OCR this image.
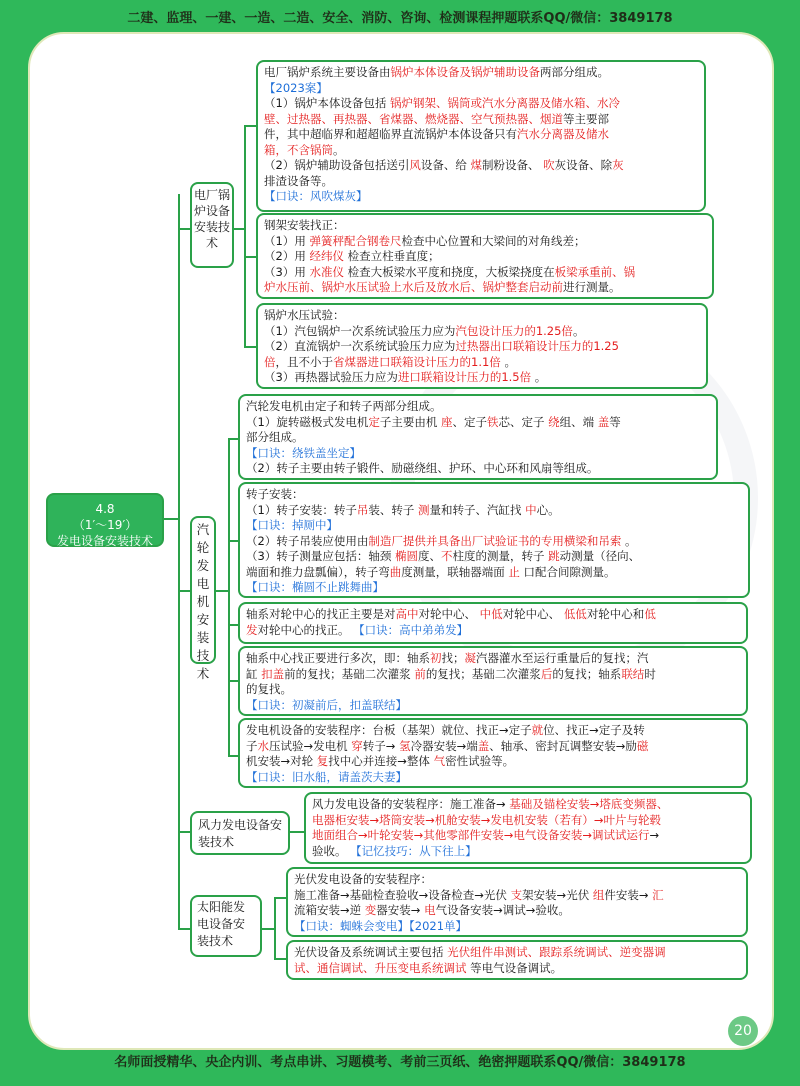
二建、监理、一建、一造、二造、安全、消防、咨询、检测课程押题联系QQ/微信：3849178
4.8
（1′～19′）
发电设备安装技术
电厂锅炉设备安装技术
汽轮发电机安装技术
风力发电设备安装技术
太阳能发电设备安装技术
电厂锅炉系统主要设备由锅炉本体设备及锅炉辅助设备两部分组成。
【2023案】
（1）锅炉本体设备包括 锅炉钢架、锅筒或汽水分离器及储水箱、水冷
壁、过热器、再热器、省煤器、燃烧器、空气预热器、烟道等主要部
件，其中超临界和超超临界直流锅炉本体设备只有汽水分离器及储水
箱，不含锅筒。
（2）锅炉辅助设备包括送引风设备、给 煤制粉设备、 吹灰设备、除灰
排渣设备等。
【口诀：风吹煤灰】
钢架安装找正：
（1）用 弹簧秤配合钢卷尺检查中心位置和大梁间的对角线差；
（2）用 经纬仪 检查立柱垂直度；
（3）用 水准仪 检查大板梁水平度和挠度，大板梁挠度在板梁承重前、锅
炉水压前、锅炉水压试验上水后及放水后、锅炉整套启动前进行测量。
锅炉水压试验：
（1）汽包锅炉一次系统试验压力应为汽包设计压力的1.25倍。
（2）直流锅炉一次系统试验压力应为过热器出口联箱设计压力的1.25
倍，且不小于省煤器进口联箱设计压力的1.1倍 。
（3）再热器试验压力应为进口联箱设计压力的1.5倍 。
汽轮发电机由定子和转子两部分组成。
（1）旋转磁极式发电机定子主要由机 座、定子铁芯、定子 绕组、端 盖等
部分组成。
【口诀：绕铁盖坐定】
（2）转子主要由转子锻件、励磁绕组、护环、中心环和风扇等组成。
转子安装：
（1）转子安装：转子吊装、转子 测量和转子、汽缸找 中心。
【口诀：掉厕中】
（2）转子吊装应使用由制造厂提供并具备出厂试验证书的专用横梁和吊索 。
（3）转子测量应包括：轴颈 椭圆度、不柱度的测量，转子 跳动测量（径向、
端面和推力盘瓢偏），转子弯曲度测量，联轴器端面 止 口配合间隙测量。
【口诀：椭圆不止跳舞曲】
轴系对轮中心的找正主要是对高中对轮中心、 中低对轮中心、 低低对轮中心和低
发对轮中心的找正。 【口诀：高中弟弟发】
轴系中心找正要进行多次，即：轴系初找；凝汽器灌水至运行重量后的复找；汽
缸 扣盖前的复找；基础二次灌浆 前的复找；基础二次灌浆后的复找；轴系联结时
的复找。
【口诀：初凝前后，扣盖联结】
发电机设备的安装程序：台板（基架）就位、找正→定子就位、找正→定子及转
子水压试验→发电机 穿转子→ 氢冷器安装→端盖、轴承、密封瓦调整安装→励磁
机安装→对轮 复找中心并连接→整体 气密性试验等。
【口诀：旧水船，请盖茨夫妻】
风力发电设备的安装程序：施工准备→ 基础及锚栓安装→塔底变频器、
电器柜安装→塔筒安装→机舱安装→发电机安装（若有）→叶片与轮毂
地面组合→叶轮安装→其他零部件安装→电气设备安装→调试试运行→
验收。 【记忆技巧：从下往上】
光伏发电设备的安装程序：
施工准备→基础检查验收→设备检查→光伏 支架安装→光伏 组件安装→ 汇
流箱安装→逆 变器安装→ 电气设备安装→调试→验收。
【口诀：蜘蛛会变电】【2021单】
光伏设备及系统调试主要包括 光伏组件串测试、跟踪系统调试、逆变器调
试、通信调试、升压变电系统调试 等电气设备调试。
20
名师面授精华、央企内训、考点串讲、习题模考、考前三页纸、绝密押题联系QQ/微信：3849178
